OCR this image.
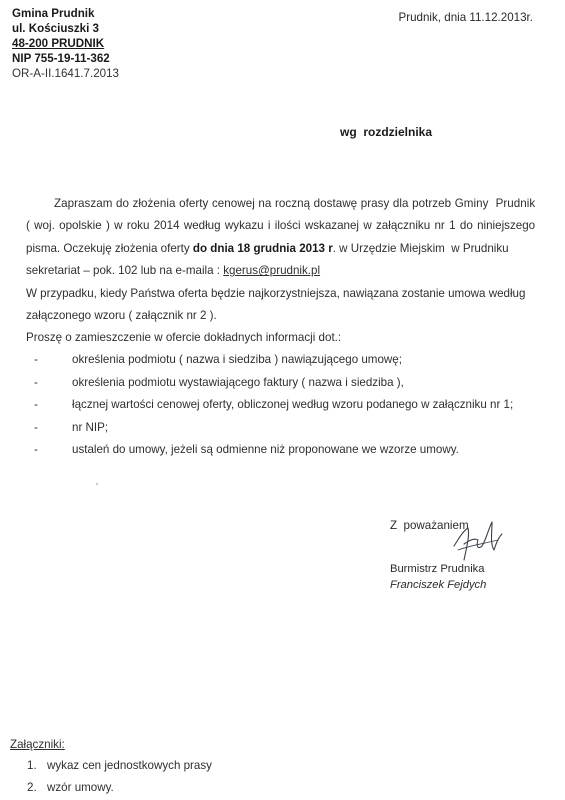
Gmina Prudnik
ul. Kościuszki 3
48-200 PRUDNIK
NIP 755-19-11-362
OR-A-II.1641.7.2013
Prudnik, dnia 11.12.2013r.
wg  rozdzielnika
Zapraszam do złożenia oferty cenowej na roczną dostawę prasy dla potrzeb Gminy  Prudnik
( woj. opolskie ) w roku 2014 według wykazu i ilości wskazanej w załączniku nr 1 do niniejszego
pisma. Oczekuję złożenia oferty do dnia 18 grudnia 2013 r. w Urzędzie Miejskim  w Prudniku
sekretariat – pok. 102 lub na e-maila : kgerus@prudnik.pl
W przypadku, kiedy Państwa oferta będzie najkorzystniejsza, nawiązana zostanie umowa według
załączonego wzoru ( załącznik nr 2 ).
Proszę o zamieszczenie w ofercie dokładnych informacji dot.:
-	określenia podmiotu ( nazwa i siedziba ) nawiązującego umowę;
-	określenia podmiotu wystawiającego faktury ( nazwa i siedziba ),
-	łącznej wartości cenowej oferty, obliczonej według wzoru podanego w załączniku nr 1;
-	nr NIP;
-	ustaleń do umowy, jeżeli są odmienne niż proponowane we wzorze umowy.
Z  poważaniem
Burmistrz Prudnika
Franciszek Fejdych
Załączniki:
1. wykaz cen jednostkowych prasy
2. wzór umowy.
